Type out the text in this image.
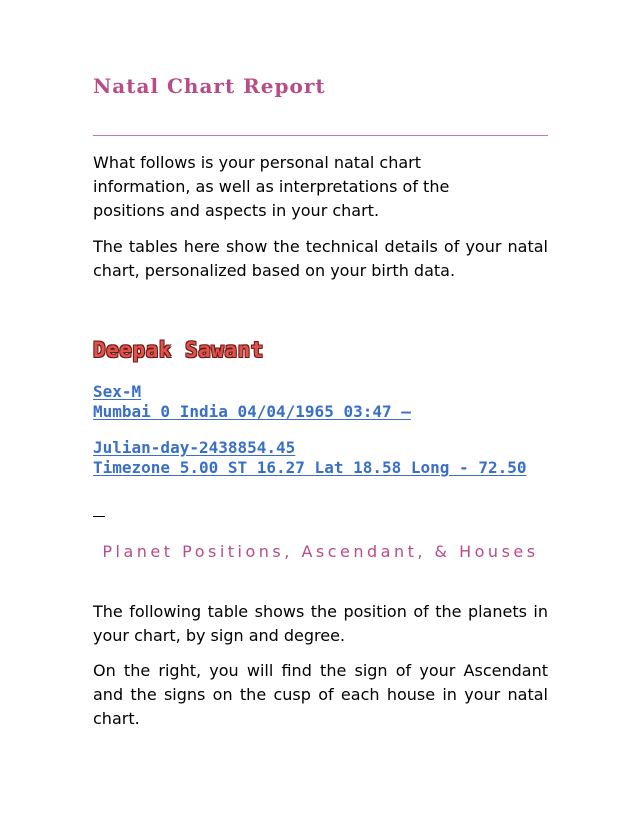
Natal Chart Report
What follows is your personal natal chart information, as well as interpretations of the positions and aspects in your chart.
The tables here show the technical details of your natal chart, personalized based on your birth data.
Deepak Sawant
Sex-M
Mumbai 0 India 04/04/1965 03:47 –
Julian-day-2438854.45
Timezone 5.00 ST 16.27 Lat 18.58 Long - 72.50
Planet Positions, Ascendant, & Houses
The following table shows the position of the planets in your chart, by sign and degree.
On the right, you will find the sign of your Ascendant and the signs on the cusp of each house in your natal chart.
